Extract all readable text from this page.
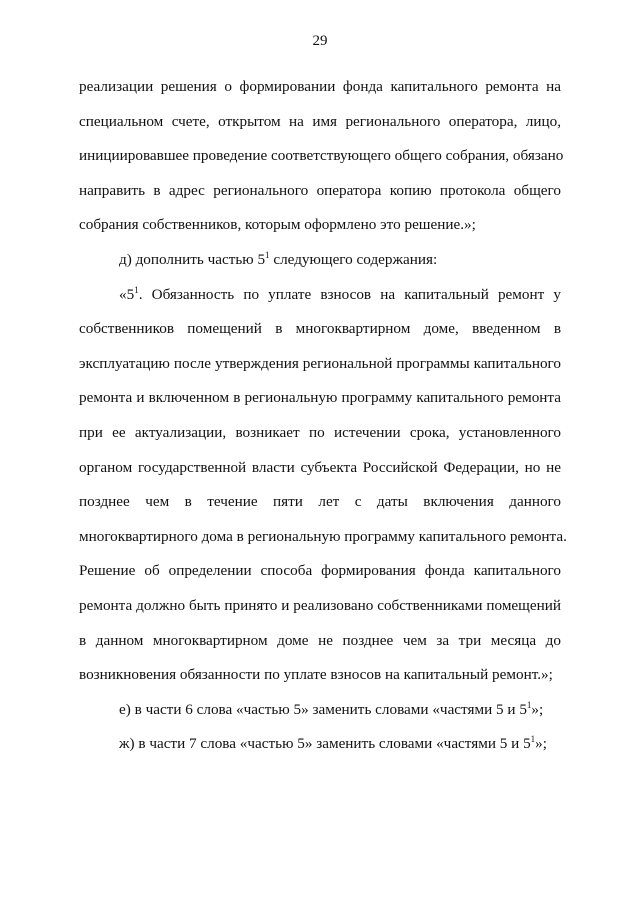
29
реализации решения о формировании фонда капитального ремонта на
специальном счете, открытом на имя регионального оператора, лицо,
инициировавшее проведение соответствующего общего собрания, обязано
направить в адрес регионального оператора копию протокола общего
собрания собственников, которым оформлено это решение.»;
д) дополнить частью $5^1$ следующего содержания:
«$5^1$. Обязанность по уплате взносов на капитальный ремонт у
собственников помещений в многоквартирном доме, введенном в
эксплуатацию после утверждения региональной программы капитального
ремонта и включенном в региональную программу капитального ремонта
при ее актуализации, возникает по истечении срока, установленного
органом государственной власти субъекта Российской Федерации, но не
позднее чем в течение пяти лет с даты включения данного
многоквартирного дома в региональную программу капитального ремонта.
Решение об определении способа формирования фонда капитального
ремонта должно быть принято и реализовано собственниками помещений
в данном многоквартирном доме не позднее чем за три месяца до
возникновения обязанности по уплате взносов на капитальный ремонт.»;
е) в части 6 слова «частью 5» заменить словами «частями 5 и $5^1$»;
ж) в части 7 слова «частью 5» заменить словами «частями 5 и $5^1$»;
